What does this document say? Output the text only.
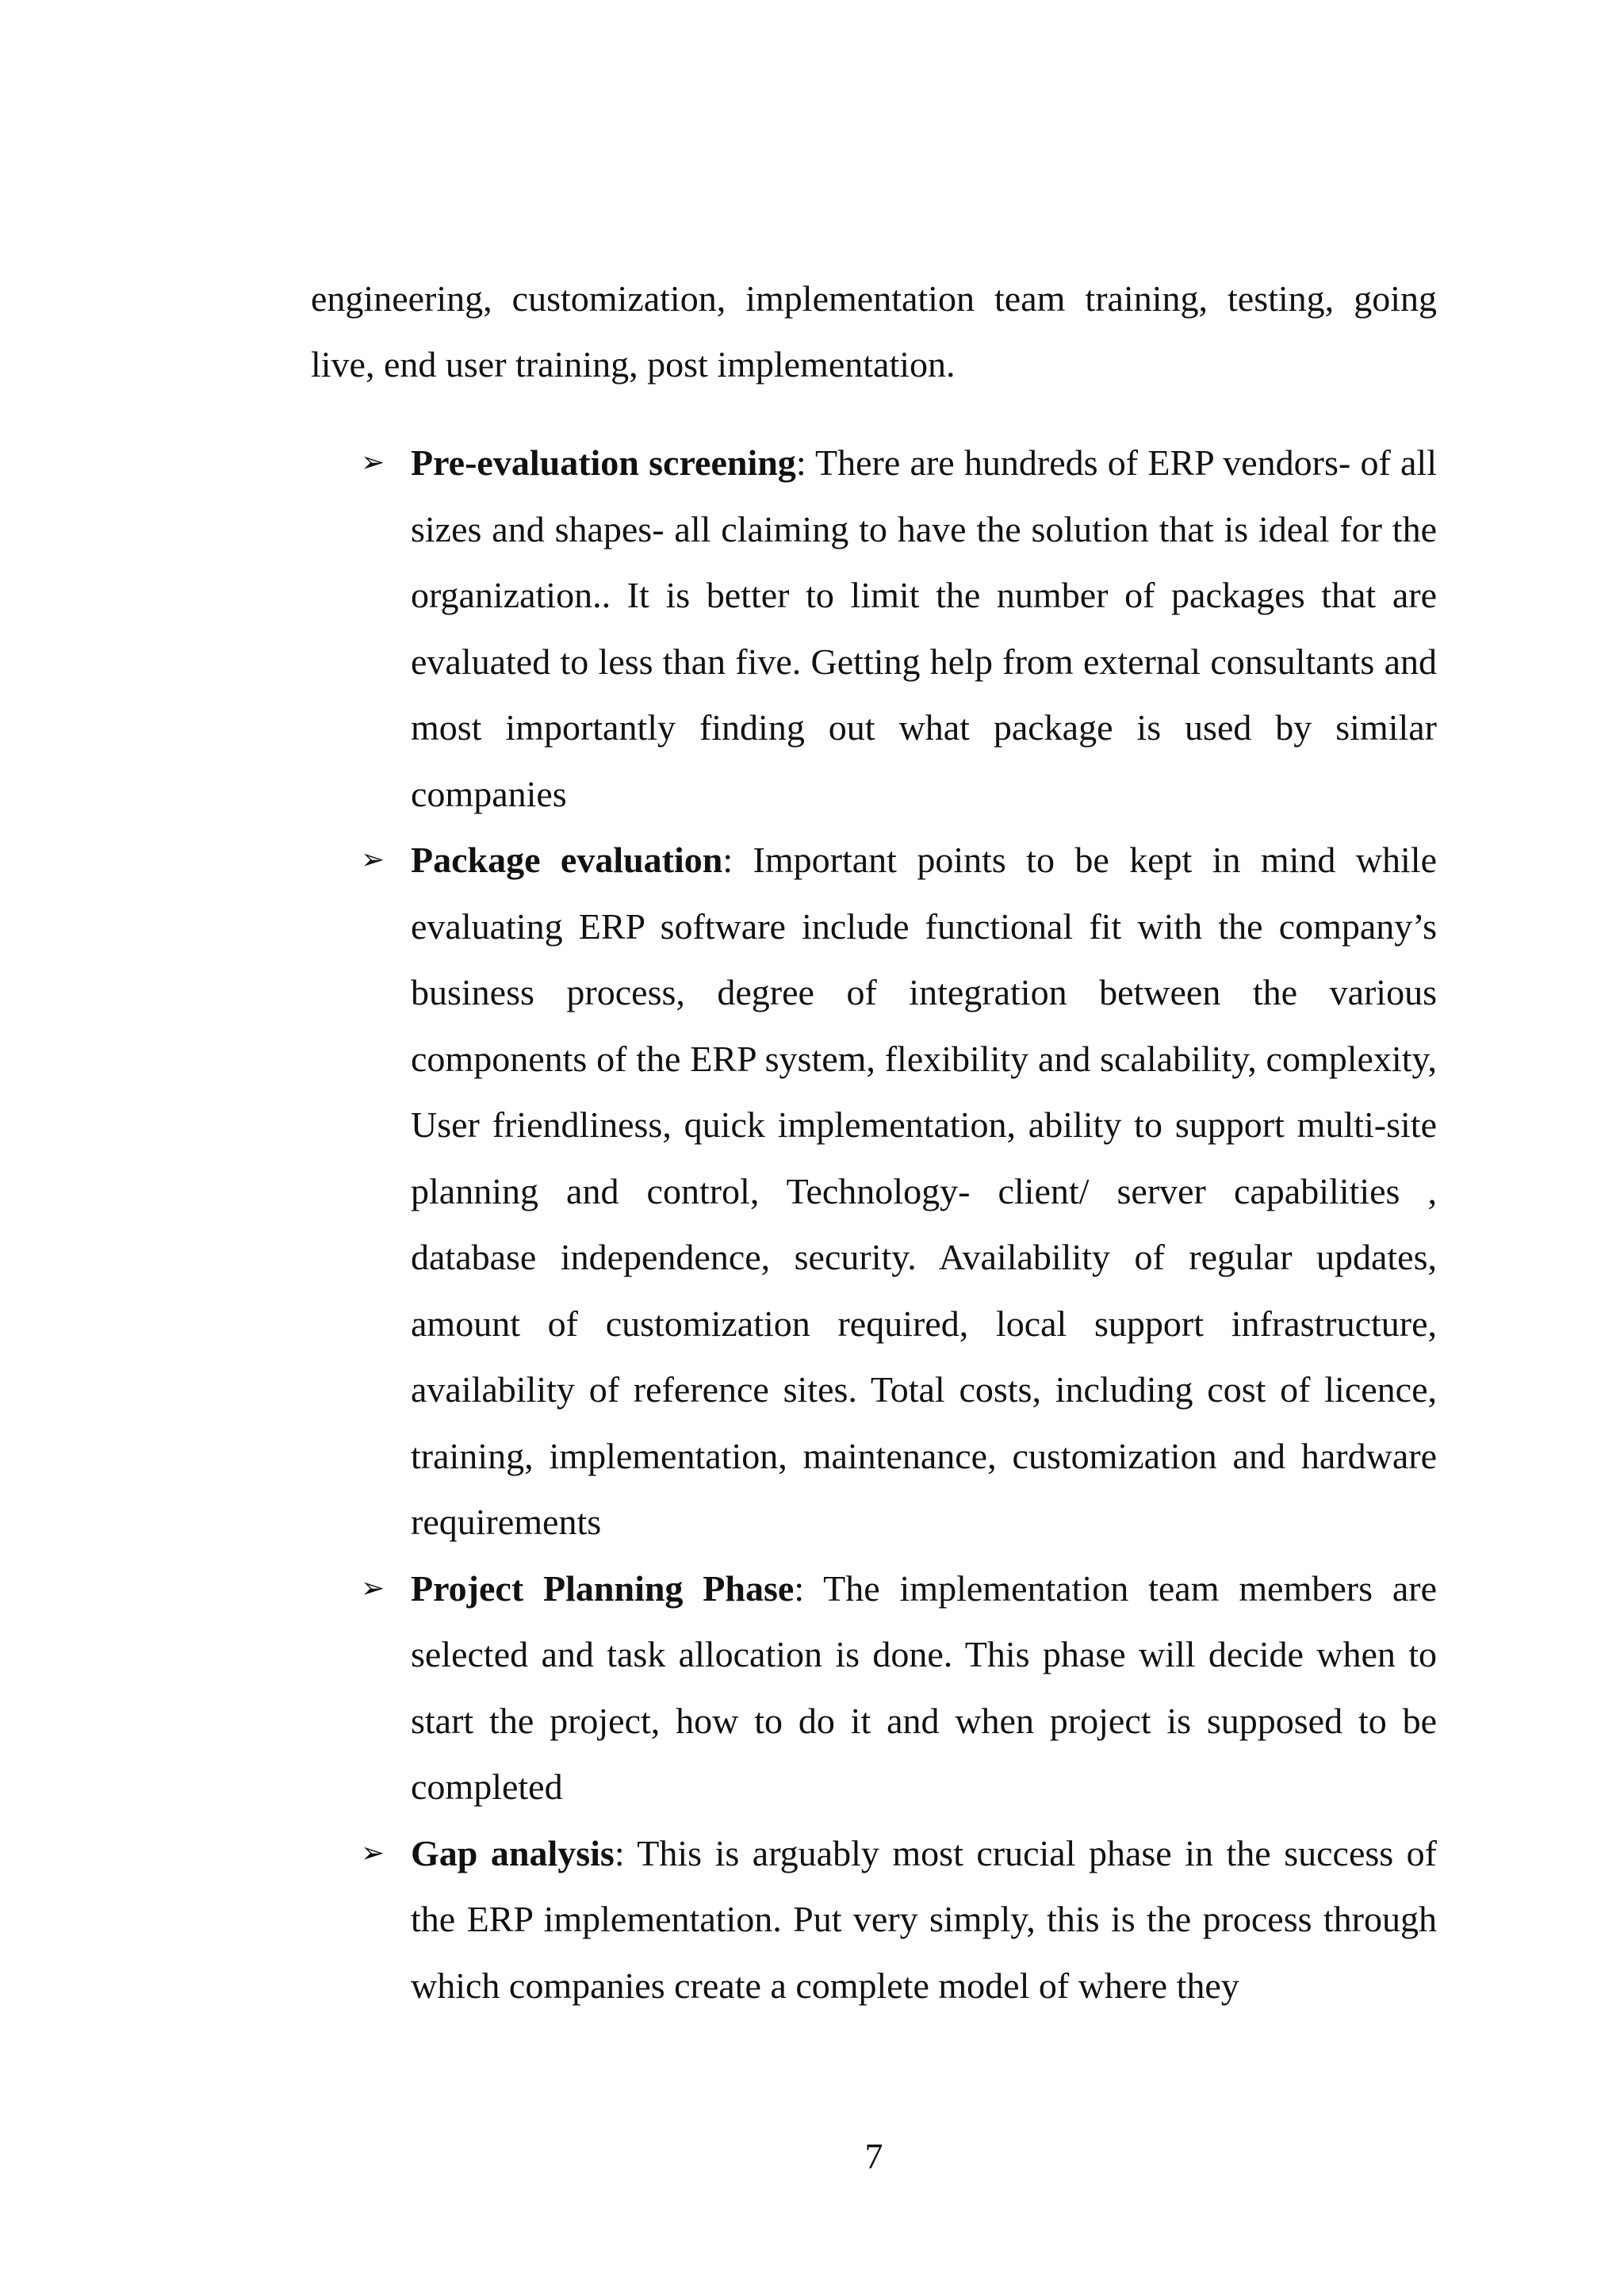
engineering, customization, implementation team training, testing, going live, end user training, post implementation.

➢ Pre-evaluation screening: There are hundreds of ERP vendors- of all sizes and shapes- all claiming to have the solution that is ideal for the organization.. It is better to limit the number of packages that are evaluated to less than five. Getting help from external consultants and most importantly finding out what package is used by similar companies
➢ Package evaluation: Important points to be kept in mind while evaluating ERP software include functional fit with the company’s business process, degree of integration between the various components of the ERP system, flexibility and scalability, complexity, User friendliness, quick implementation, ability to support multi-site planning and control, Technology- client/ server capabilities , database independence, security. Availability of regular updates, amount of customization required, local support infrastructure, availability of reference sites. Total costs, including cost of licence, training, implementation, maintenance, customization and hardware requirements
➢ Project Planning Phase: The implementation team members are selected and task allocation is done. This phase will decide when to start the project, how to do it and when project is supposed to be completed
➢ Gap analysis: This is arguably most crucial phase in the success of the ERP implementation. Put very simply, this is the process through which companies create a complete model of where they
7
